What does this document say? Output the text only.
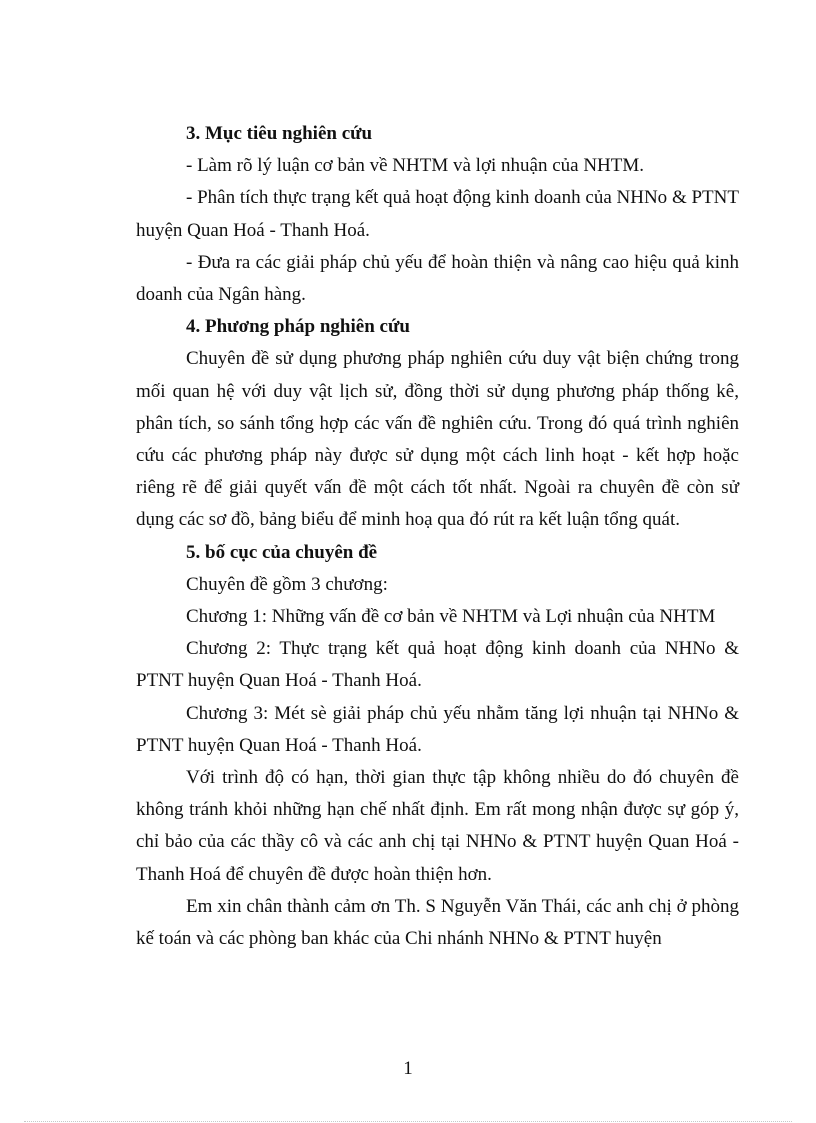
3. Mục tiêu nghiên cứu

- Làm rõ lý luận cơ bản về NHTM và lợi nhuận của NHTM.

- Phân tích thực trạng kết quả hoạt động kinh doanh của NHNo & PTNT huyện Quan Hoá - Thanh Hoá.

- Đưa ra các giải pháp chủ yếu để hoàn thiện và nâng cao hiệu quả kinh doanh của Ngân hàng.

4. Phương pháp nghiên cứu

Chuyên đề sử dụng phương pháp nghiên cứu duy vật biện chứng trong mối quan hệ với duy vật lịch sử, đồng thời sử dụng phương pháp thống kê, phân tích, so sánh tổng hợp các vấn đề nghiên cứu. Trong đó quá trình nghiên cứu các phương pháp này được sử dụng một cách linh hoạt - kết hợp hoặc riêng rẽ để giải quyết vấn đề một cách tốt nhất. Ngoài ra chuyên đề còn sử dụng các sơ đồ, bảng biểu để minh hoạ qua đó rút ra kết luận tổng quát.

5. bố cục của chuyên đề

Chuyên đề gồm 3 chương:

Chương 1: Những vấn đề cơ bản về NHTM và Lợi nhuận của NHTM

Chương 2: Thực trạng kết quả hoạt động kinh doanh của NHNo & PTNT huyện Quan Hoá - Thanh Hoá.

Chương 3: Mét sè giải pháp chủ yếu nhằm tăng lợi nhuận tại NHNo & PTNT huyện Quan Hoá - Thanh Hoá.

Với trình độ có hạn, thời gian thực tập không nhiều do đó chuyên đề không tránh khỏi những hạn chế nhất định. Em rất mong nhận được sự góp ý, chỉ bảo của các thầy cô và các anh chị tại NHNo & PTNT huyện Quan Hoá - Thanh Hoá để chuyên đề được hoàn thiện hơn.

Em xin chân thành cảm ơn Th. S Nguyễn Văn Thái, các anh chị ở phòng kế toán và các phòng ban khác của Chi nhánh NHNo & PTNT huyện

1
